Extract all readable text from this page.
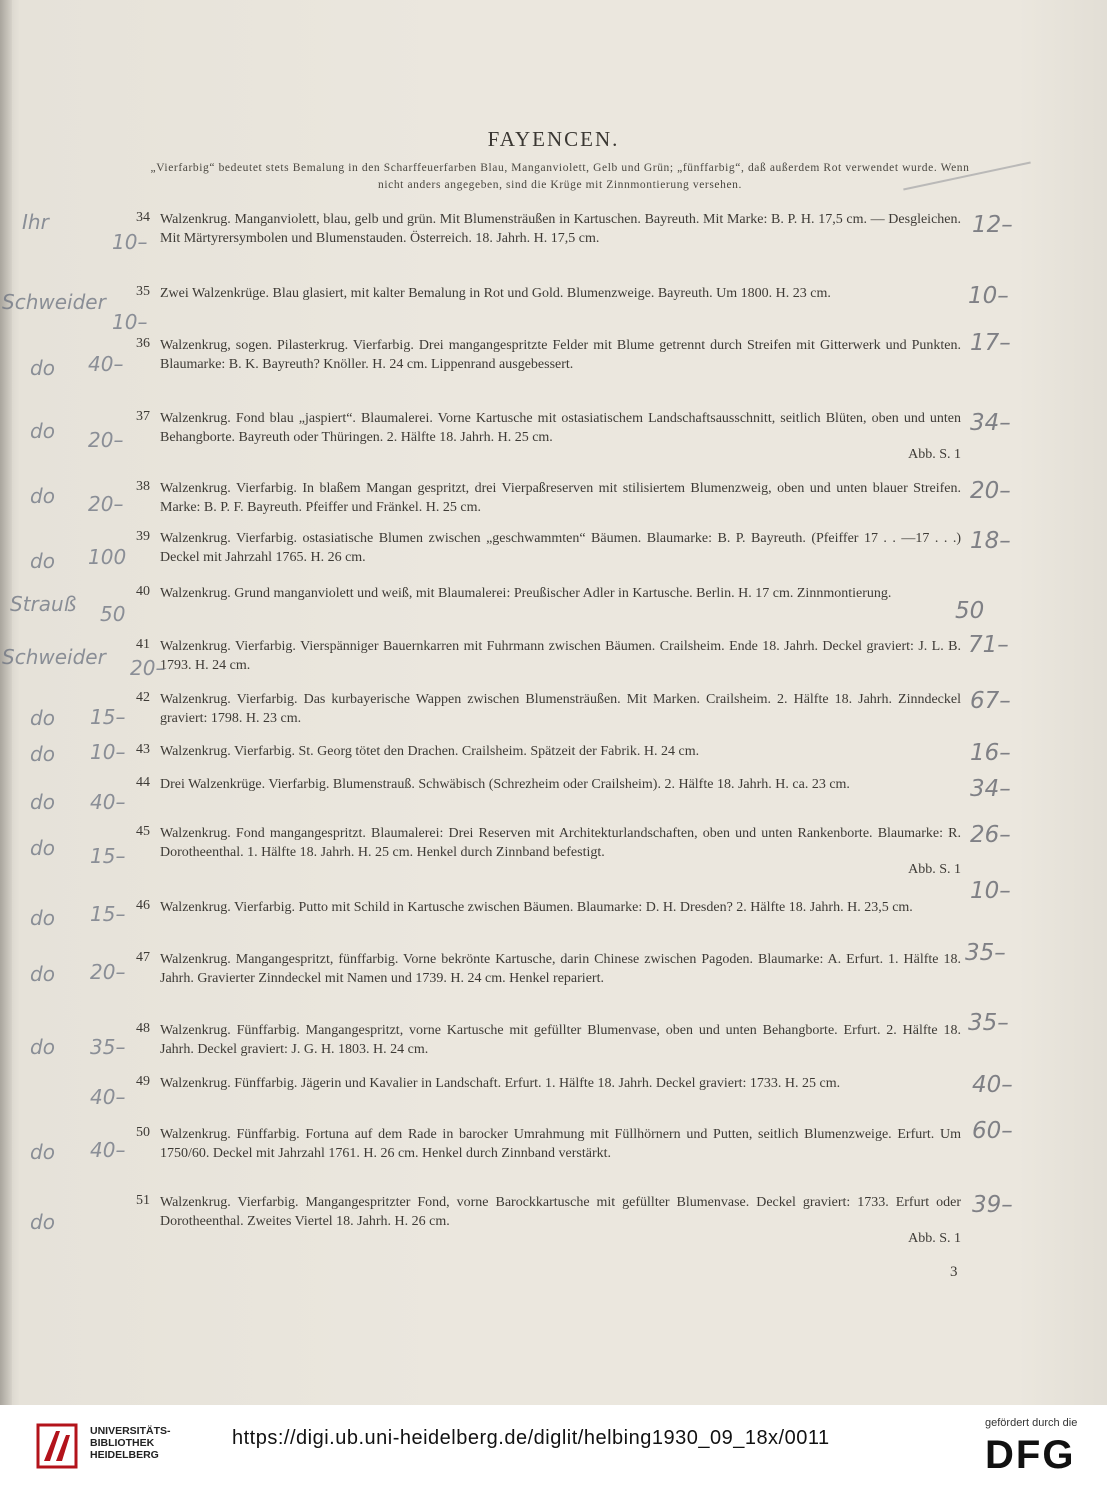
FAYENCEN.
„Vierfarbig“ bedeutet stets Bemalung in den Scharffeuerfarben Blau, Manganviolett, Gelb und Grün; „fünffarbig“, daß außerdem Rot verwendet wurde. Wenn nicht anders angegeben, sind die Krüge mit Zinnmontierung versehen.
34 Walzenkrug. Manganviolett, blau, gelb und grün. Mit Blumensträußen in Kartuschen. Bayreuth. Mit Marke: B. P. H. 17,5 cm. — Desgleichen. Mit Märtyrersymbolen und Blumenstauden. Österreich. 18. Jahrh. H. 17,5 cm.
35 Zwei Walzenkrüge. Blau glasiert, mit kalter Bemalung in Rot und Gold. Blumenzweige. Bayreuth. Um 1800. H. 23 cm.
36 Walzenkrug, sogen. Pilasterkrug. Vierfarbig. Drei mangangespritzte Felder mit Blume getrennt durch Streifen mit Gitterwerk und Punkten. Blaumarke: B. K. Bayreuth? Knöller. H. 24 cm. Lippenrand ausgebessert.
37 Walzenkrug. Fond blau „jaspiert“. Blaumalerei. Vorne Kartusche mit ostasiatischem Landschaftsausschnitt, seitlich Blüten, oben und unten Behangborte. Bayreuth oder Thüringen. 2. Hälfte 18. Jahrh. H. 25 cm.
Abb. S. 1
38 Walzenkrug. Vierfarbig. In blaßem Mangan gespritzt, drei Vierpaßreserven mit stilisiertem Blumenzweig, oben und unten blauer Streifen. Marke: B. P. F. Bayreuth. Pfeiffer und Fränkel. H. 25 cm.
39 Walzenkrug. Vierfarbig. ostasiatische Blumen zwischen „geschwammten“ Bäumen. Blaumarke: B. P. Bayreuth. (Pfeiffer 17 . . —17 . . .) Deckel mit Jahrzahl 1765. H. 26 cm.
40 Walzenkrug. Grund manganviolett und weiß, mit Blaumalerei: Preußischer Adler in Kartusche. Berlin. H. 17 cm. Zinnmontierung.
41 Walzenkrug. Vierfarbig. Vierspänniger Bauernkarren mit Fuhrmann zwischen Bäumen. Crailsheim. Ende 18. Jahrh. Deckel graviert: J. L. B. 1793. H. 24 cm.
42 Walzenkrug. Vierfarbig. Das kurbayerische Wappen zwischen Blumensträußen. Mit Marken. Crailsheim. 2. Hälfte 18. Jahrh. Zinndeckel graviert: 1798. H. 23 cm.
43 Walzenkrug. Vierfarbig. St. Georg tötet den Drachen. Crailsheim. Spätzeit der Fabrik. H. 24 cm.
44 Drei Walzenkrüge. Vierfarbig. Blumenstrauß. Schwäbisch (Schrezheim oder Crailsheim). 2. Hälfte 18. Jahrh. H. ca. 23 cm.
45 Walzenkrug. Fond mangangespritzt. Blaumalerei: Drei Reserven mit Architekturlandschaften, oben und unten Rankenborte. Blaumarke: R. Dorotheenthal. 1. Hälfte 18. Jahrh. H. 25 cm. Henkel durch Zinnband befestigt.
Abb. S. 1
46 Walzenkrug. Vierfarbig. Putto mit Schild in Kartusche zwischen Bäumen. Blaumarke: D. H. Dresden? 2. Hälfte 18. Jahrh. H. 23,5 cm.
47 Walzenkrug. Mangangespritzt, fünffarbig. Vorne bekrönte Kartusche, darin Chinese zwischen Pagoden. Blaumarke: A. Erfurt. 1. Hälfte 18. Jahrh. Gravierter Zinndeckel mit Namen und 1739. H. 24 cm. Henkel repariert.
48 Walzenkrug. Fünffarbig. Mangangespritzt, vorne Kartusche mit gefüllter Blumenvase, oben und unten Behangborte. Erfurt. 2. Hälfte 18. Jahrh. Deckel graviert: J. G. H. 1803. H. 24 cm.
49 Walzenkrug. Fünffarbig. Jägerin und Kavalier in Landschaft. Erfurt. 1. Hälfte 18. Jahrh. Deckel graviert: 1733. H. 25 cm.
50 Walzenkrug. Fünffarbig. Fortuna auf dem Rade in barocker Umrahmung mit Füllhörnern und Putten, seitlich Blumenzweige. Erfurt. Um 1750/60. Deckel mit Jahrzahl 1761. H. 26 cm. Henkel durch Zinnband verstärkt.
51 Walzenkrug. Vierfarbig. Mangangespritzter Fond, vorne Barockkartusche mit gefüllter Blumenvase. Deckel graviert: 1733. Erfurt oder Dorotheenthal. Zweites Viertel 18. Jahrh. H. 26 cm.
Abb. S. 1
Ihr
Schweider
do
do
do
do
Strauß
Schweider
do
do
do
do
do
do
do
do
do
10–
10–
40–
20–
20–
100
50
20–
15–
10–
40–
15–
15–
20–
35–
40–
40–
12–
10–
17–
34–
20–
18–
50
71–
67–
16–
34–
26–
10–
35–
35–
40–
60–
39–
3
UNIVERSITÄTS-
BIBLIOTHEK
HEIDELBERG
https://digi.ub.uni-heidelberg.de/diglit/helbing1930_09_18x/0011
gefördert durch die
DFG
